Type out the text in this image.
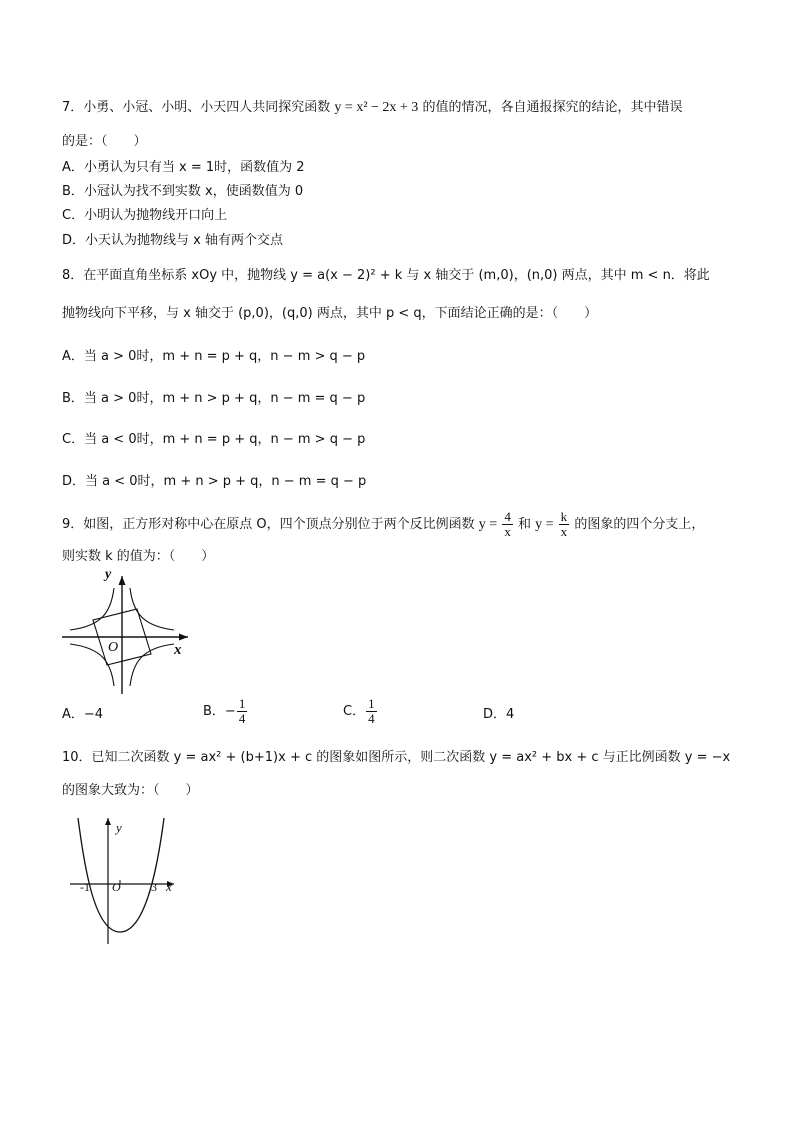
7．小勇、小冠、小明、小天四人共同探究函数 y = x² − 2x + 3 的值的情况，各自通报探究的结论，其中错误
的是：（　　）
A．小勇认为只有当 x = 1时，函数值为 2
B．小冠认为找不到实数 x，使函数值为 0
C．小明认为抛物线开口向上
D．小天认为抛物线与 x 轴有两个交点
8．在平面直角坐标系 xOy 中，抛物线 y = a(x − 2)² + k 与 x 轴交于 (m,0)，(n,0) 两点，其中 m < n．将此
抛物线向下平移，与 x 轴交于 (p,0)，(q,0) 两点，其中 p < q，下面结论正确的是：（　　）
A．当 a > 0时，m + n = p + q，n − m > q − p
B．当 a > 0时，m + n > p + q，n − m = q − p
C．当 a < 0时，m + n = p + q，n − m > q − p
D．当 a < 0时，m + n > p + q，n − m = q − p
9．如图，正方形对称中心在原点 O，四个顶点分别位于两个反比例函数 $y = \frac{4}{x}$ 和 $y = \frac{k}{x}$ 的图象的四个分支上，
则实数 k 的值为：（　　）
y
x
O
A．−4	B．− $\frac{1}{4}$	C． $\frac{1}{4}$	D．4
10．已知二次函数 y = ax² + (b+1)x + c 的图象如图所示，则二次函数 y = ax² + bx + c 与正比例函数 y = −x
的图象大致为：（　　）
y
x
O
-1	3
